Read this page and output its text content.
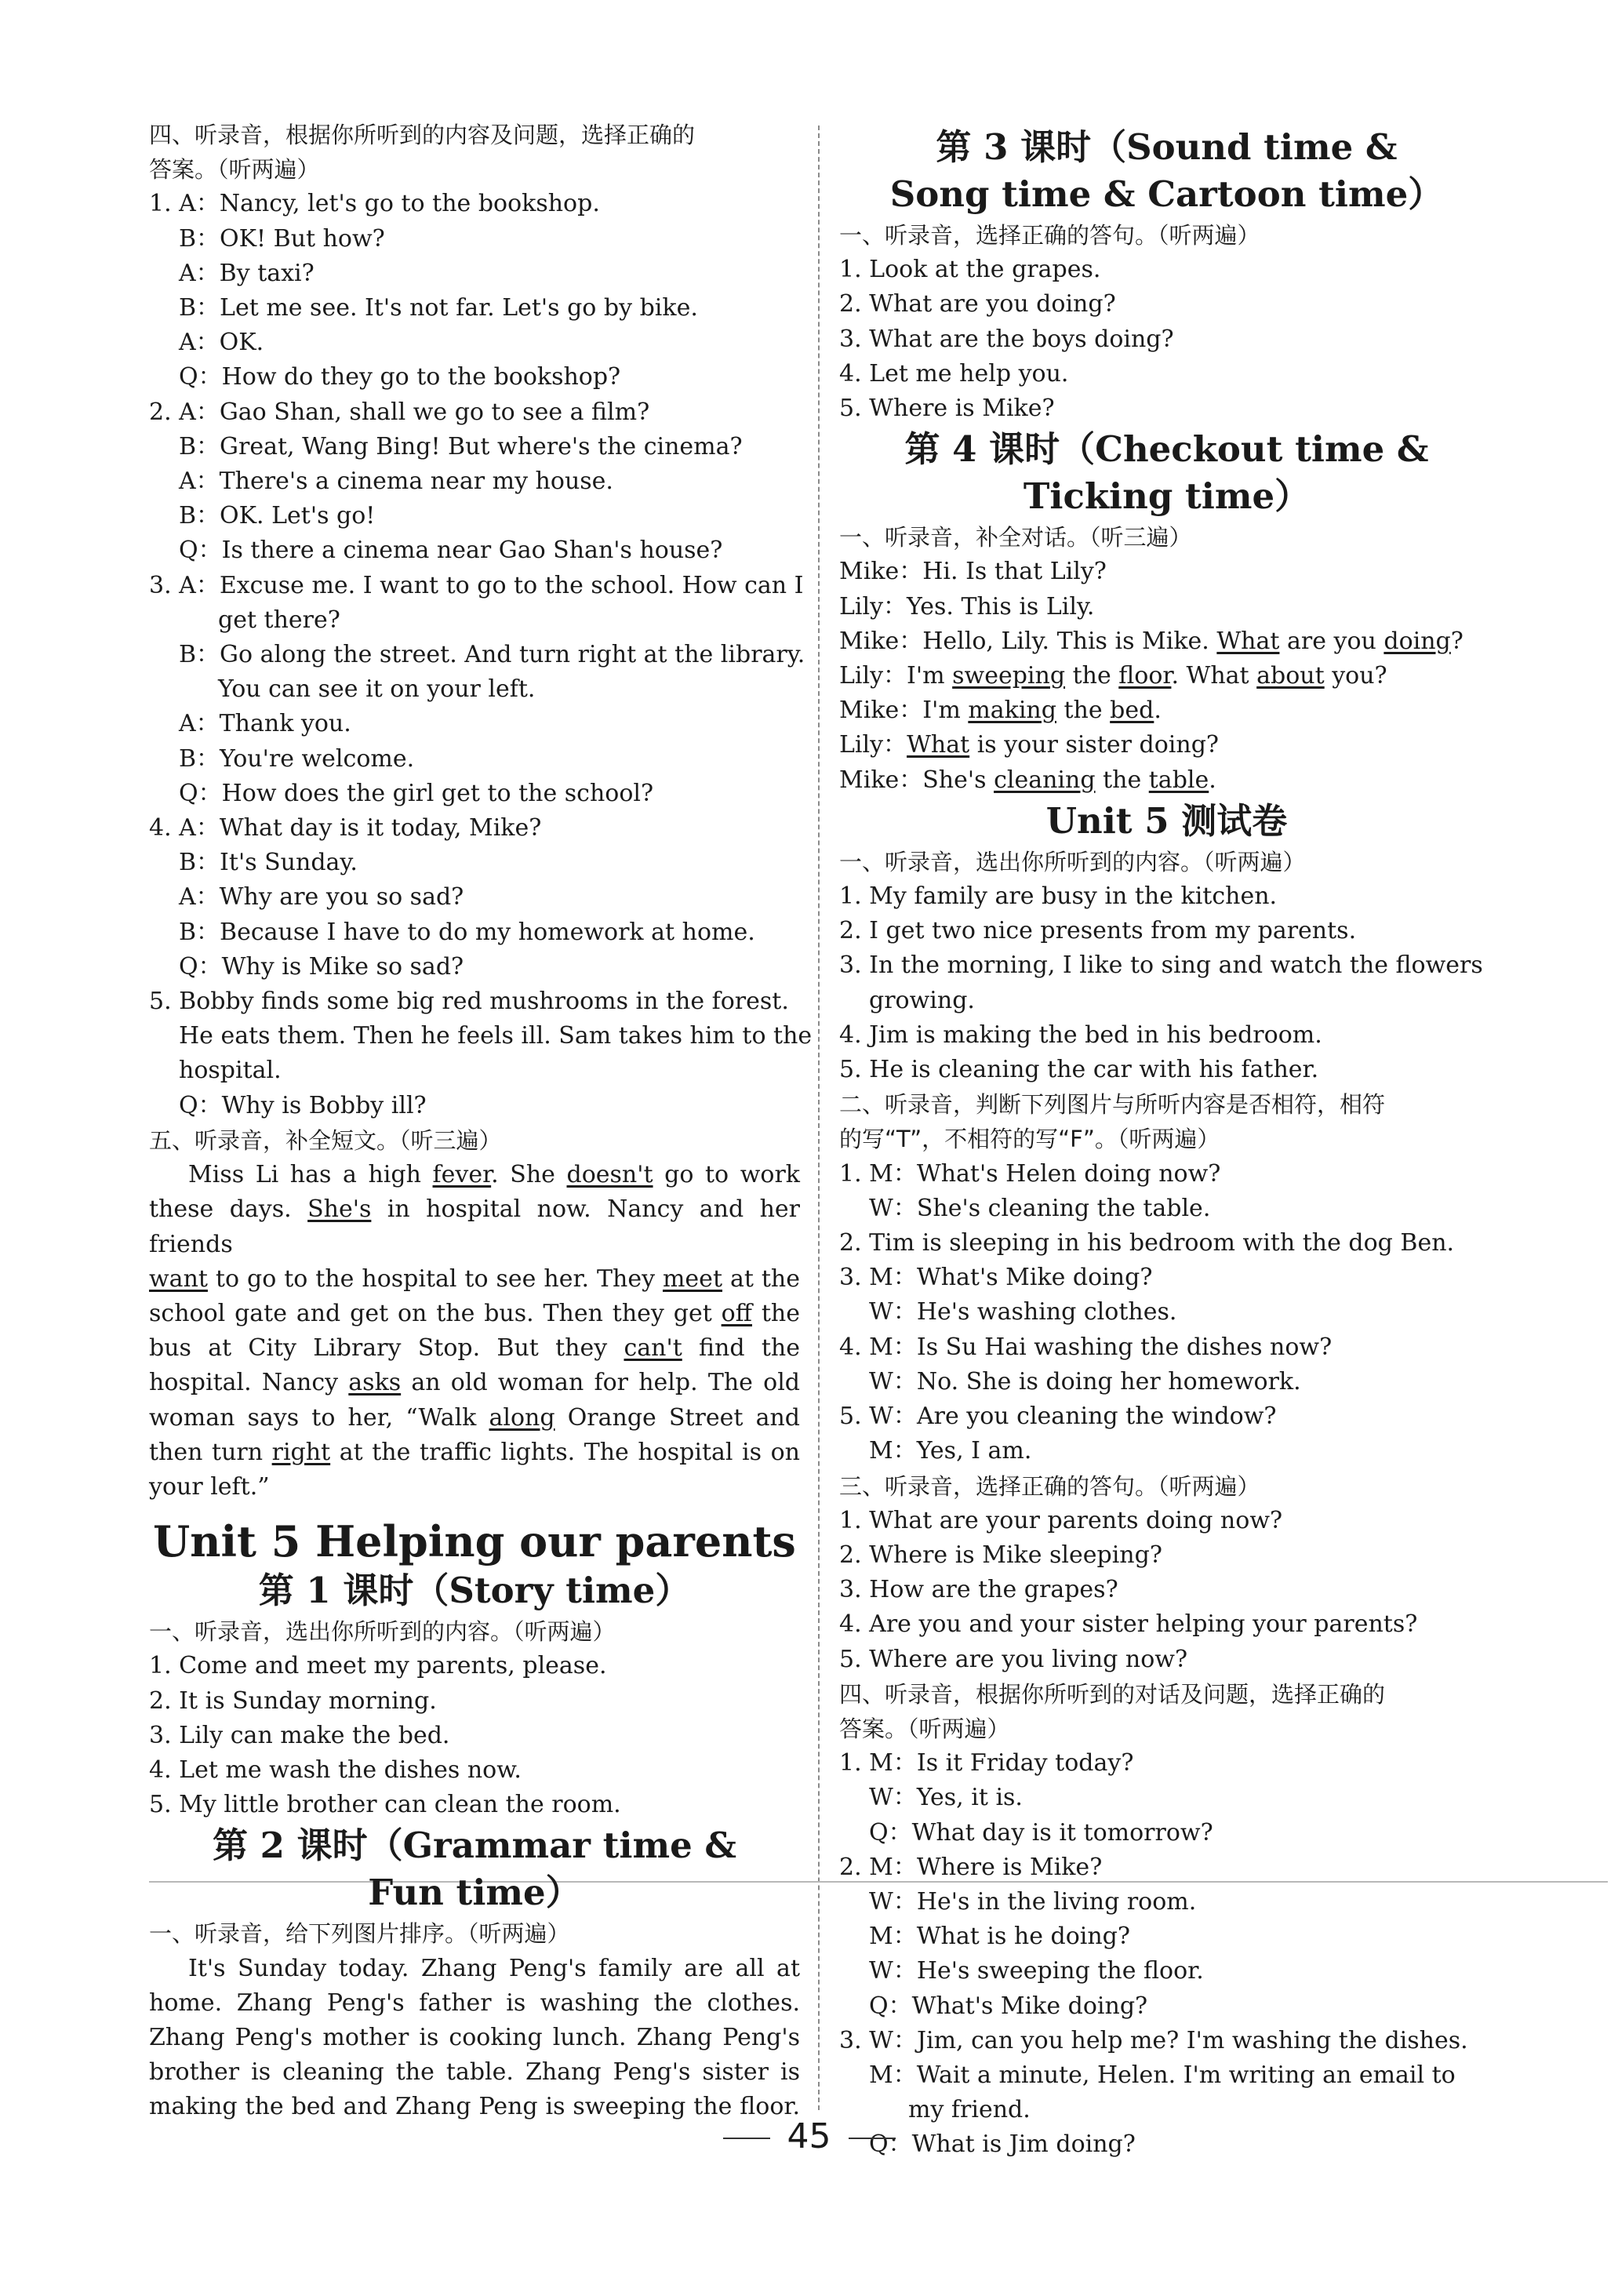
四、听录音，根据你所听到的内容及问题，选择正确的
答案。（听两遍）
1. A：Nancy, let's go to the bookshop.
B：OK! But how?
A：By taxi?
B：Let me see. It's not far. Let's go by bike.
A：OK.
Q：How do they go to the bookshop?
2. A：Gao Shan, shall we go to see a film?
B：Great, Wang Bing! But where's the cinema?
A：There's a cinema near my house.
B：OK. Let's go!
Q：Is there a cinema near Gao Shan's house?
3. A：Excuse me. I want to go to the school. How can I
get there?
B：Go along the street. And turn right at the library.
You can see it on your left.
A：Thank you.
B：You're welcome.
Q：How does the girl get to the school?
4. A：What day is it today, Mike?
B：It's Sunday.
A：Why are you so sad?
B：Because I have to do my homework at home.
Q：Why is Mike so sad?
5. Bobby finds some big red mushrooms in the forest.
He eats them. Then he feels ill. Sam takes him to the
hospital.
Q：Why is Bobby ill?
五、听录音，补全短文。（听三遍）
Miss Li has a high fever. She doesn't go to work
these days. She's in hospital now. Nancy and her friends
want to go to the hospital to see her. They meet at the
school gate and get on the bus. Then they get off the
bus at City Library Stop. But they can't find the
hospital. Nancy asks an old woman for help. The old
woman says to her, “Walk along Orange Street and
then turn right at the traffic lights. The hospital is on
your left.”
Unit 5 Helping our parents
第 1 课时（Story time）
一、听录音，选出你所听到的内容。（听两遍）
1. Come and meet my parents, please.
2. It is Sunday morning.
3. Lily can make the bed.
4. Let me wash the dishes now.
5. My little brother can clean the room.
第 2 课时（Grammar time &
Fun time）
一、听录音，给下列图片排序。（听两遍）
It's Sunday today. Zhang Peng's family are all at
home. Zhang Peng's father is washing the clothes.
Zhang Peng's mother is cooking lunch. Zhang Peng's
brother is cleaning the table. Zhang Peng's sister is
making the bed and Zhang Peng is sweeping the floor.
第 3 课时（Sound time &
Song time & Cartoon time）
一、听录音，选择正确的答句。（听两遍）
1. Look at the grapes.
2. What are you doing?
3. What are the boys doing?
4. Let me help you.
5. Where is Mike?
第 4 课时（Checkout time &
Ticking time）
一、听录音，补全对话。（听三遍）
Mike：Hi. Is that Lily?
Lily：Yes. This is Lily.
Mike：Hello, Lily. This is Mike. What are you doing?
Lily：I'm sweeping the floor. What about you?
Mike：I'm making the bed.
Lily：What is your sister doing?
Mike：She's cleaning the table.
Unit 5 测试卷
一、听录音，选出你所听到的内容。（听两遍）
1. My family are busy in the kitchen.
2. I get two nice presents from my parents.
3. In the morning, I like to sing and watch the flowers
growing.
4. Jim is making the bed in his bedroom.
5. He is cleaning the car with his father.
二、听录音，判断下列图片与所听内容是否相符，相符
的写“T”，不相符的写“F”。（听两遍）
1. M：What's Helen doing now?
W：She's cleaning the table.
2. Tim is sleeping in his bedroom with the dog Ben.
3. M：What's Mike doing?
W：He's washing clothes.
4. M：Is Su Hai washing the dishes now?
W：No. She is doing her homework.
5. W：Are you cleaning the window?
M：Yes, I am.
三、听录音，选择正确的答句。（听两遍）
1. What are your parents doing now?
2. Where is Mike sleeping?
3. How are the grapes?
4. Are you and your sister helping your parents?
5. Where are you living now?
四、听录音，根据你所听到的对话及问题，选择正确的
答案。（听两遍）
1. M：Is it Friday today?
W：Yes, it is.
Q：What day is it tomorrow?
2. M：Where is Mike?
W：He's in the living room.
M：What is he doing?
W：He's sweeping the floor.
Q：What's Mike doing?
3. W：Jim, can you help me? I'm washing the dishes.
M：Wait a minute, Helen. I'm writing an email to
my friend.
Q：What is Jim doing?
45
